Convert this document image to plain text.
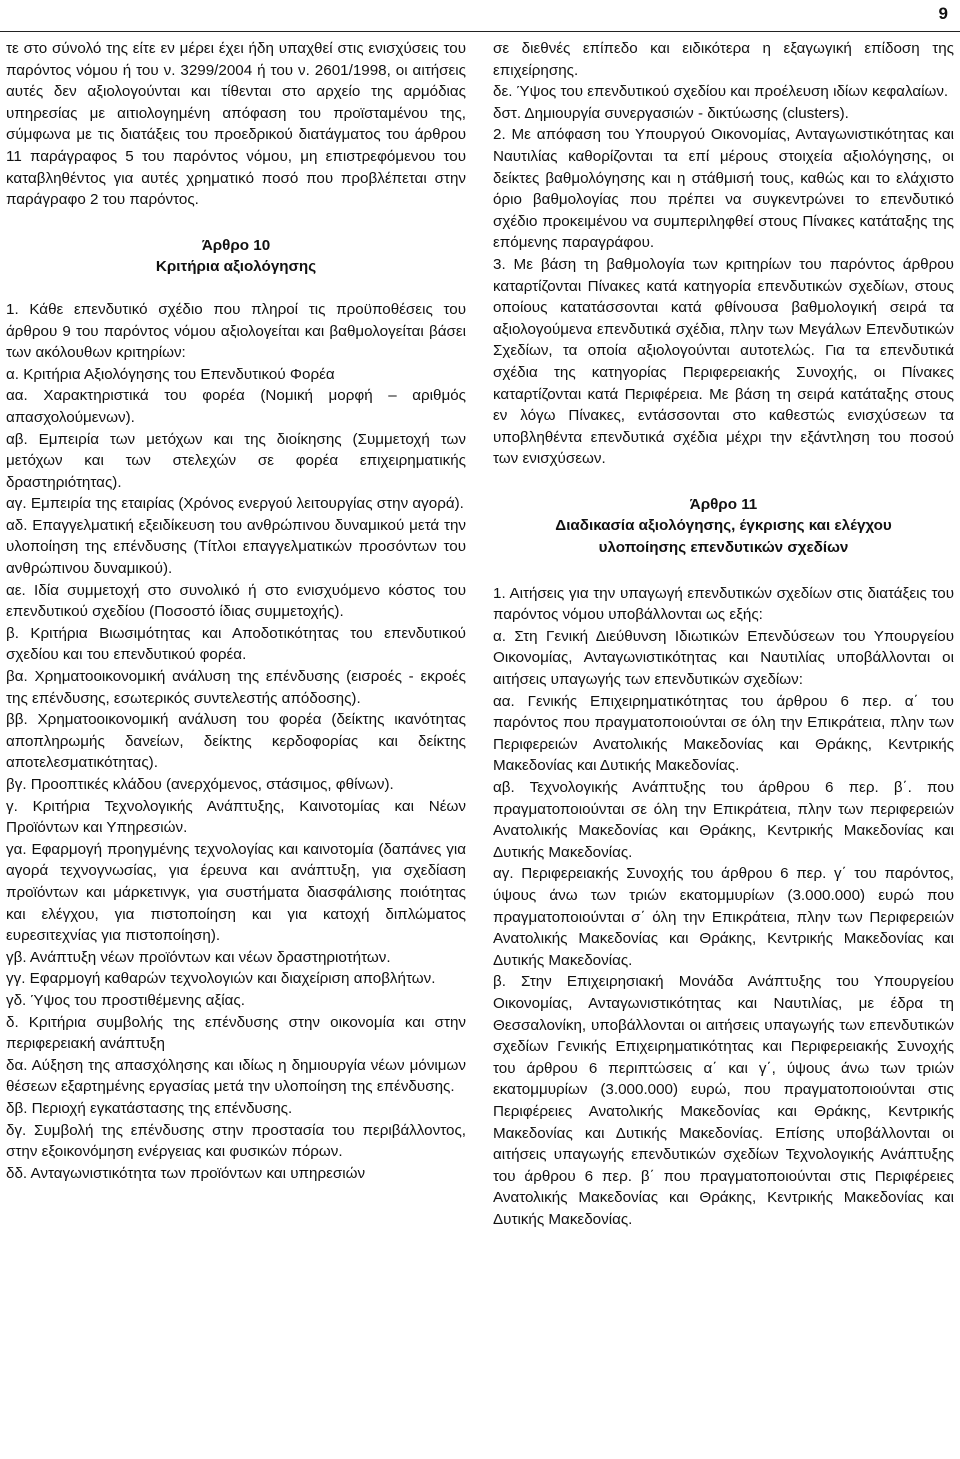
9

τε στο σύνολό της είτε εν μέρει έχει ήδη υπαχθεί στις ενισχύσεις του παρόντος νόμου ή του ν. 3299/2004 ή του ν. 2601/1998, οι αιτήσεις αυτές δεν αξιολογούνται και τίθενται στο αρχείο της αρμόδιας υπηρεσίας με αιτιολογημένη απόφαση του προϊσταμένου της, σύμφωνα με τις διατάξεις του προεδρικού διατάγματος του άρθρου 11 παράγραφος 5 του παρόντος νόμου, μη επιστρεφόμενου του καταβληθέντος για αυτές χρηματικό ποσό που προβλέπεται στην παράγραφο 2 του παρόντος.

Άρθρο 10

Κριτήρια αξιολόγησης

1. Κάθε επενδυτικό σχέδιο που πληροί τις προϋποθέσεις του άρθρου 9 του παρόντος νόμου αξιολογείται και βαθμολογείται βάσει των ακόλουθων κριτηρίων:

α. Κριτήρια Αξιολόγησης του Επενδυτικού Φορέα

αα. Χαρακτηριστικά του φορέα (Νομική μορφή – αριθμός απασχολούμενων).

αβ. Εμπειρία των μετόχων και της διοίκησης (Συμμετοχή των μετόχων και των στελεχών σε φορέα επιχειρηματικής δραστηριότητας).

αγ. Εμπειρία της εταιρίας (Χρόνος ενεργού λειτουργίας στην αγορά).

αδ. Επαγγελματική εξειδίκευση του ανθρώπινου δυναμικού μετά την υλοποίηση της επένδυσης (Τίτλοι επαγγελματικών προσόντων του ανθρώπινου δυναμικού).

αε. Ιδία συμμετοχή στο συνολικό ή στο ενισχυόμενο κόστος του επενδυτικού σχεδίου (Ποσοστό ίδιας συμμετοχής).

β. Κριτήρια Βιωσιμότητας και Αποδοτικότητας του επενδυτικού σχεδίου και του επενδυτικού φορέα.

βα. Χρηματοοικονομική ανάλυση της επένδυσης (εισροές - εκροές της επένδυσης, εσωτερικός συντελεστής απόδοσης).

ββ. Χρηματοοικονομική ανάλυση του φορέα (δείκτης ικανότητας αποπληρωμής δανείων, δείκτης κερδοφορίας και δείκτης αποτελεσματικότητας).

βγ. Προοπτικές κλάδου (ανερχόμενος, στάσιμος, φθίνων).

γ. Κριτήρια Τεχνολογικής Ανάπτυξης, Καινοτομίας και Νέων Προϊόντων και Υπηρεσιών.

γα. Εφαρμογή προηγμένης τεχνολογίας και καινοτομία (δαπάνες για αγορά τεχνογνωσίας, για έρευνα και ανάπτυξη, για σχεδίαση προϊόντων και μάρκετινγκ, για συστήματα διασφάλισης ποιότητας και ελέγχου, για πιστοποίηση και για κατοχή διπλώματος ευρεσιτεχνίας για πιστοποίηση).

γβ. Ανάπτυξη νέων προϊόντων και νέων δραστηριοτήτων.

γγ. Εφαρμογή καθαρών τεχνολογιών και διαχείριση αποβλήτων.

γδ. Ύψος του προστιθέμενης αξίας.

δ. Κριτήρια συμβολής της επένδυσης στην οικονομία και στην περιφερειακή ανάπτυξη

δα. Αύξηση της απασχόλησης και ιδίως η δημιουργία νέων μόνιμων θέσεων εξαρτημένης εργασίας μετά την υλοποίηση της επένδυσης.

δβ. Περιοχή εγκατάστασης της επένδυσης.

δγ. Συμβολή της επένδυσης στην προστασία του περιβάλλοντος, στην εξοικονόμηση ενέργειας και φυσικών πόρων.

δδ. Ανταγωνιστικότητα των προϊόντων και υπηρεσιών

σε διεθνές επίπεδο και ειδικότερα η εξαγωγική επίδοση της επιχείρησης.

δε. Ύψος του επενδυτικού σχεδίου και προέλευση ιδίων κεφαλαίων.

δστ. Δημιουργία συνεργασιών - δικτύωσης (clusters).

2. Με απόφαση του Υπουργού Οικονομίας, Ανταγωνιστικότητας και Ναυτιλίας καθορίζονται τα επί μέρους στοιχεία αξιολόγησης, οι δείκτες βαθμολόγησης και η στάθμισή τους, καθώς και το ελάχιστο όριο βαθμολογίας που πρέπει να συγκεντρώνει το επενδυτικό σχέδιο προκειμένου να συμπεριληφθεί στους Πίνακες κατάταξης της επόμενης παραγράφου.

3. Με βάση τη βαθμολογία των κριτηρίων του παρόντος άρθρου καταρτίζονται Πίνακες κατά κατηγορία επενδυτικών σχεδίων, στους οποίους κατατάσσονται κατά φθίνουσα βαθμολογική σειρά τα αξιολογούμενα επενδυτικά σχέδια, πλην των Μεγάλων Επενδυτικών Σχεδίων, τα οποία αξιολογούνται αυτοτελώς. Για τα επενδυτικά σχέδια της κατηγορίας Περιφερειακής Συνοχής, οι Πίνακες καταρτίζονται κατά Περιφέρεια. Με βάση τη σειρά κατάταξης στους εν λόγω Πίνακες, εντάσσονται στο καθεστώς ενισχύσεων τα υποβληθέντα επενδυτικά σχέδια μέχρι την εξάντληση του ποσού των ενισχύσεων.

Άρθρο 11

Διαδικασία αξιολόγησης, έγκρισης και ελέγχου

υλοποίησης επενδυτικών σχεδίων

1. Αιτήσεις για την υπαγωγή επενδυτικών σχεδίων στις διατάξεις του παρόντος νόμου υποβάλλονται ως εξής:

α. Στη Γενική Διεύθυνση Ιδιωτικών Επενδύσεων του Υπουργείου Οικονομίας, Ανταγωνιστικότητας και Ναυτιλίας υποβάλλονται οι αιτήσεις υπαγωγής των επενδυτικών σχεδίων:

αα. Γενικής Επιχειρηματικότητας του άρθρου 6 περ. α΄ του παρόντος που πραγματοποιούνται σε όλη την Επικράτεια, πλην των Περιφερειών Ανατολικής Μακεδονίας και Θράκης, Κεντρικής Μακεδονίας και Δυτικής Μακεδονίας.

αβ. Τεχνολογικής Ανάπτυξης του άρθρου 6 περ. β΄. που πραγματοποιούνται σε όλη την Επικράτεια, πλην των περιφερειών Ανατολικής Μακεδονίας και Θράκης, Κεντρικής Μακεδονίας και Δυτικής Μακεδονίας.

αγ. Περιφερειακής Συνοχής του άρθρου 6 περ. γ΄ του παρόντος, ύψους άνω των τριών εκατομμυρίων (3.000.000) ευρώ που πραγματοποιούνται σ΄ όλη την Επικράτεια, πλην των Περιφερειών Ανατολικής Μακεδονίας και Θράκης, Κεντρικής Μακεδονίας και Δυτικής Μακεδονίας.

β. Στην Επιχειρησιακή Μονάδα Ανάπτυξης του Υπουργείου Οικονομίας, Ανταγωνιστικότητας και Ναυτιλίας, με έδρα τη Θεσσαλονίκη, υποβάλλονται οι αιτήσεις υπαγωγής των επενδυτικών σχεδίων Γενικής Επιχειρηματικότητας και Περιφερειακής Συνοχής του άρθρου 6 περιπτώσεις α΄ και γ΄, ύψους άνω των τριών εκατομμυρίων (3.000.000) ευρώ, που πραγματοποιούνται στις Περιφέρειες Ανατολικής Μακεδονίας και Θράκης, Κεντρικής Μακεδονίας και Δυτικής Μακεδονίας. Επίσης υποβάλλονται οι αιτήσεις υπαγωγής επενδυτικών σχεδίων Τεχνολογικής Ανάπτυξης του άρθρου 6 περ. β΄ που πραγματοποιούνται στις Περιφέρειες Ανατολικής Μακεδονίας και Θράκης, Κεντρικής Μακεδονίας και Δυτικής Μακεδονίας.
